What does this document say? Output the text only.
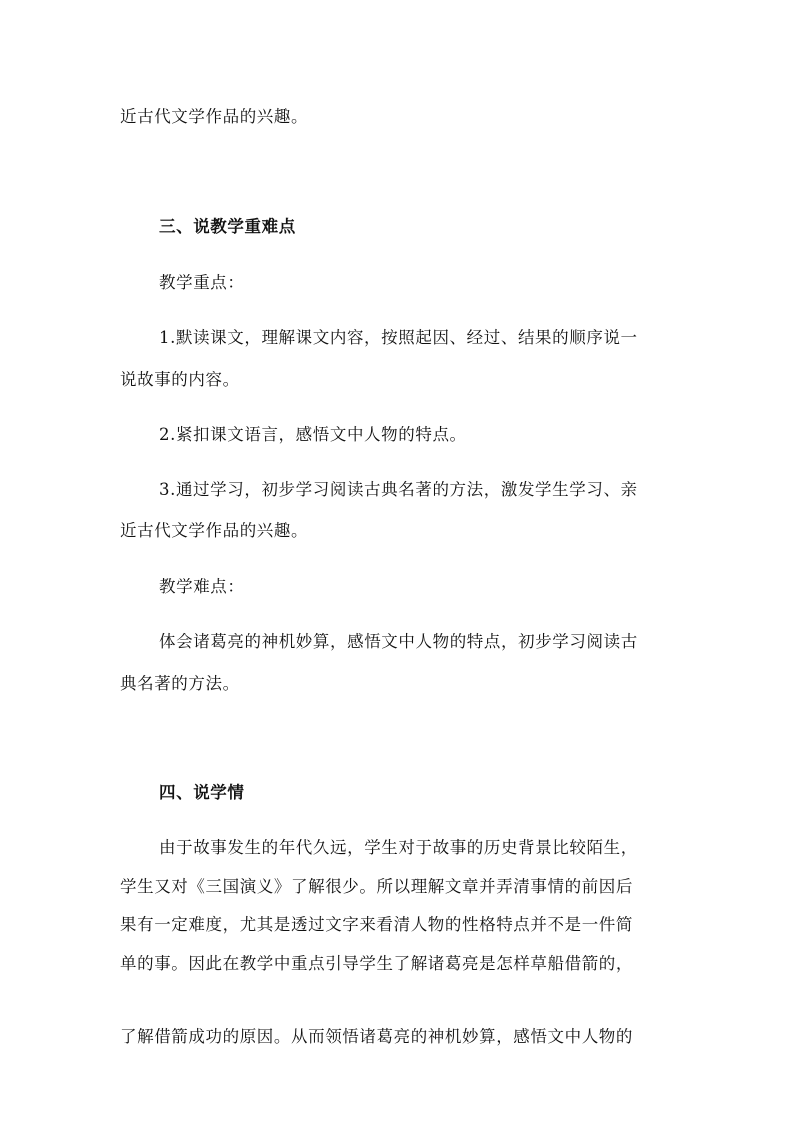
近古代文学作品的兴趣。
三、说教学重难点
教学重点：
1.默读课文，理解课文内容，按照起因、经过、结果的顺序说一
说故事的内容。
2.紧扣课文语言，感悟文中人物的特点。
3.通过学习，初步学习阅读古典名著的方法，激发学生学习、亲
近古代文学作品的兴趣。
教学难点：
体会诸葛亮的神机妙算，感悟文中人物的特点，初步学习阅读古
典名著的方法。
四、说学情
由于故事发生的年代久远，学生对于故事的历史背景比较陌生，
学生又对《三国演义》了解很少。所以理解文章并弄清事情的前因后
果有一定难度，尤其是透过文字来看清人物的性格特点并不是一件简
单的事。因此在教学中重点引导学生了解诸葛亮是怎样草船借箭的，
了解借箭成功的原因。从而领悟诸葛亮的神机妙算，感悟文中人物的
